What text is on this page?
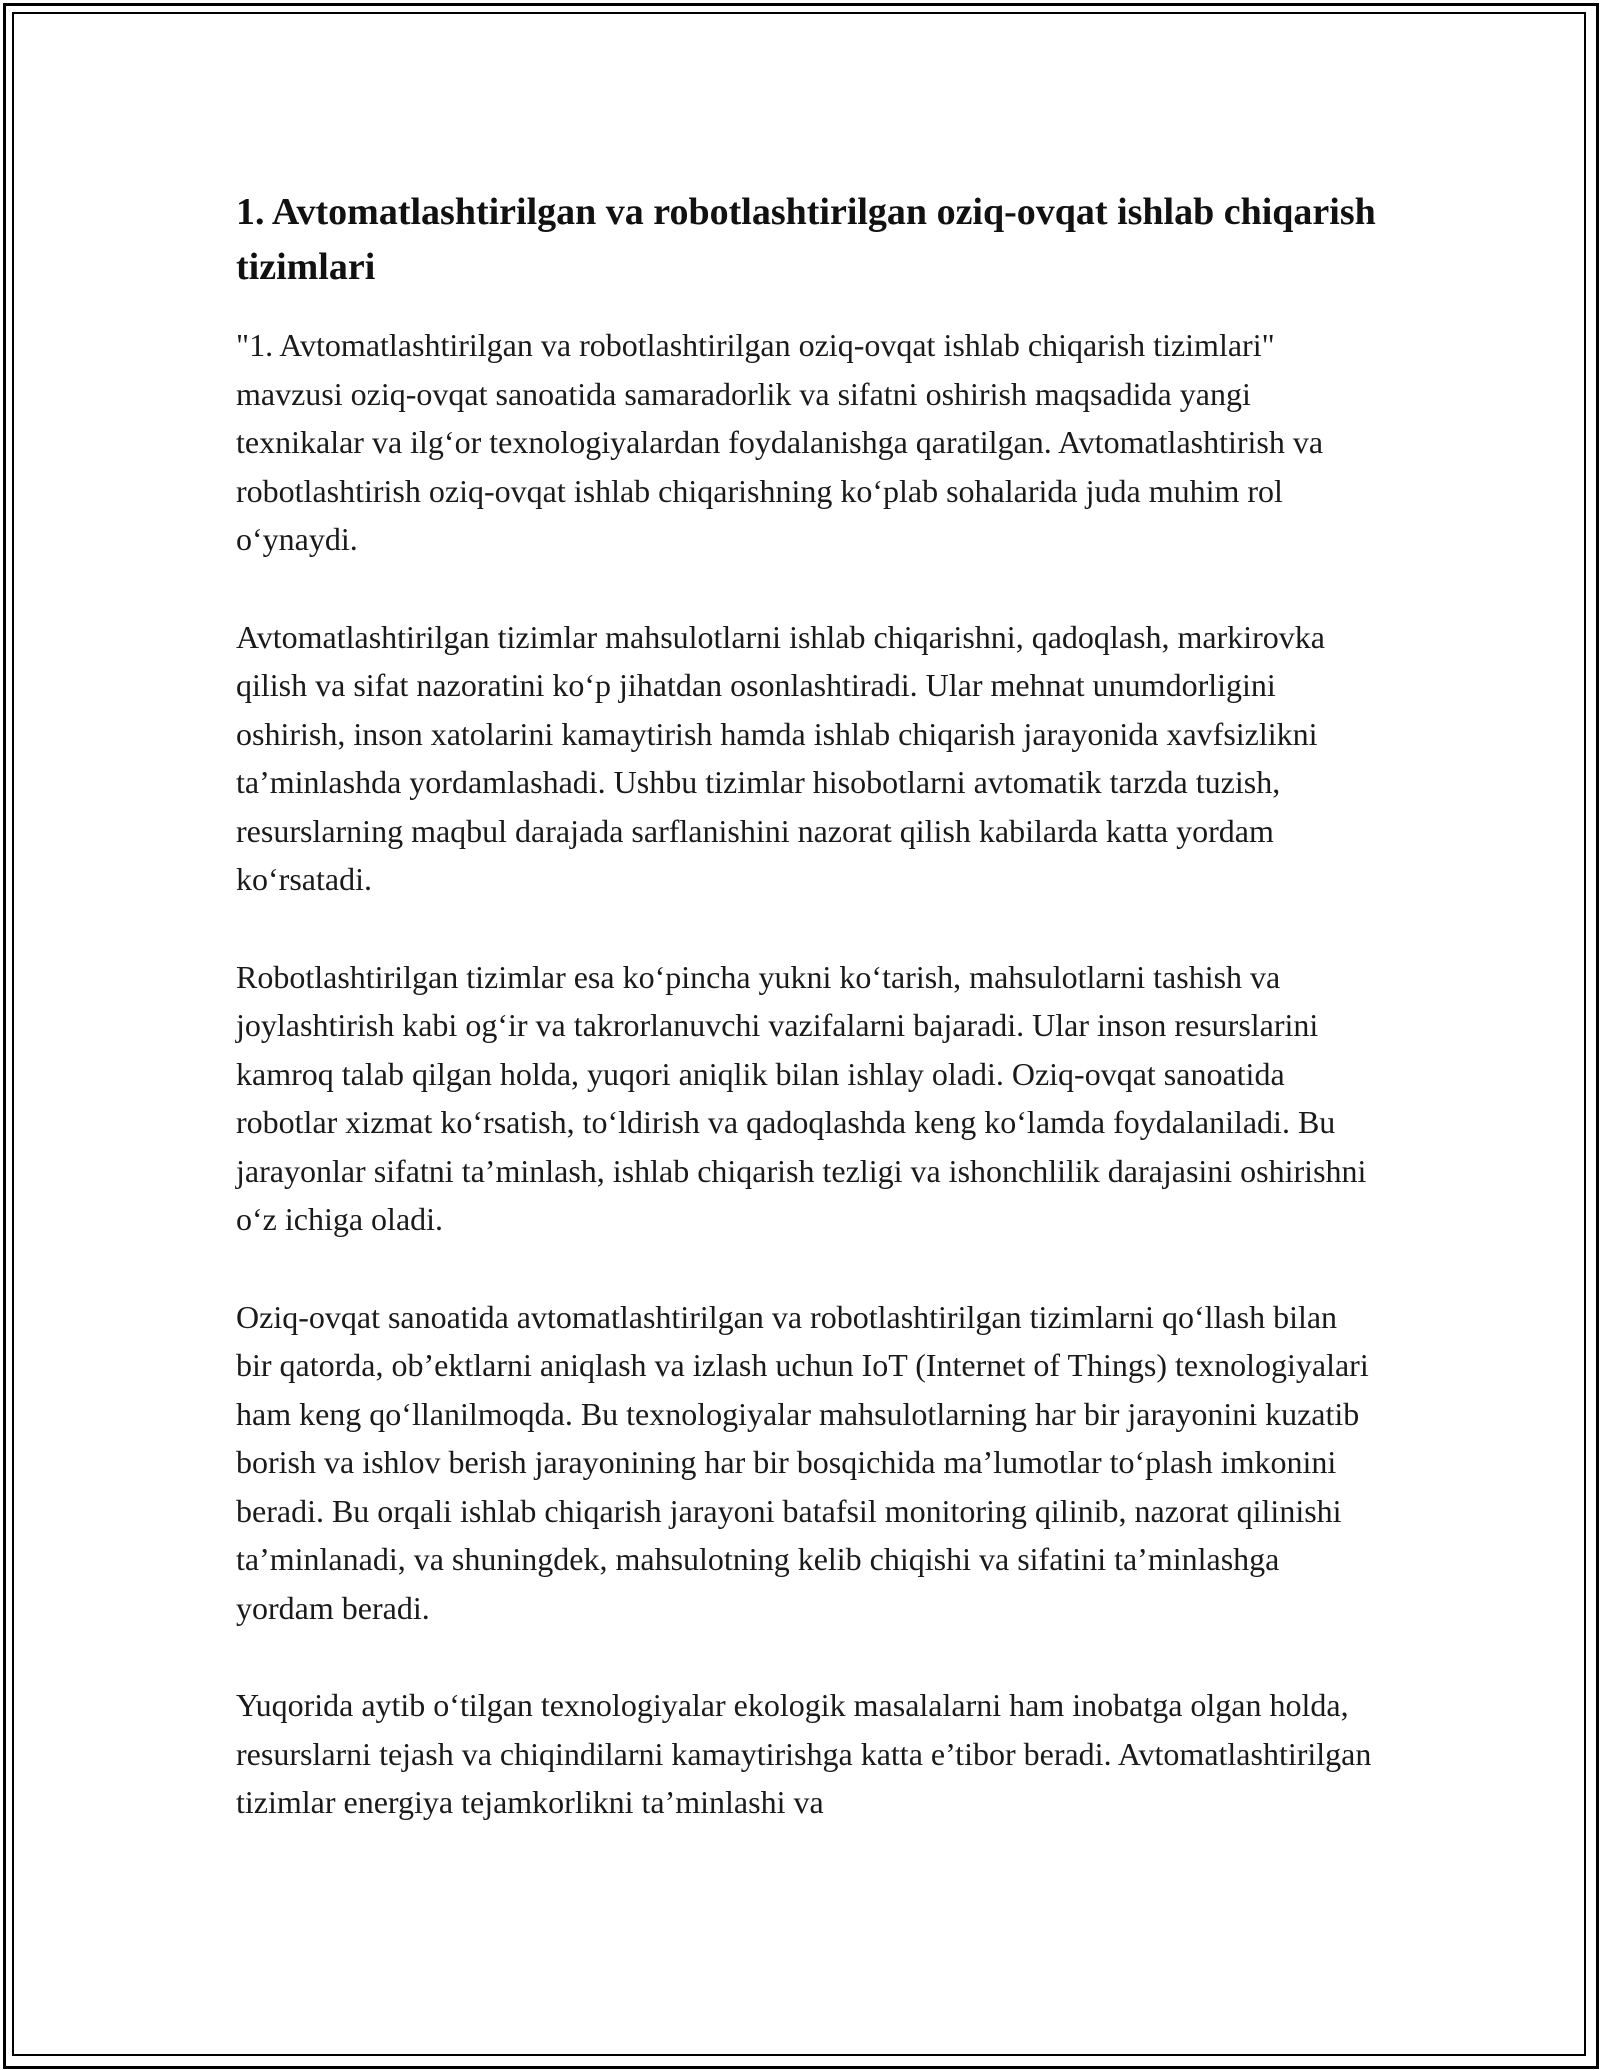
1. Avtomatlashtirilgan va robotlashtirilgan oziq-ovqat ishlab chiqarish tizimlari

"1. Avtomatlashtirilgan va robotlashtirilgan oziq-ovqat ishlab chiqarish tizimlari" mavzusi oziq-ovqat sanoatida samaradorlik va sifatni oshirish maqsadida yangi texnikalar va ilg‘or texnologiyalardan foydalanishga qaratilgan. Avtomatlashtirish va robotlashtirish oziq-ovqat ishlab chiqarishning ko‘plab sohalarida juda muhim rol o‘ynaydi.

Avtomatlashtirilgan tizimlar mahsulotlarni ishlab chiqarishni, qadoqlash, markirovka qilish va sifat nazoratini ko‘p jihatdan osonlashtiradi. Ular mehnat unumdorligini oshirish, inson xatolarini kamaytirish hamda ishlab chiqarish jarayonida xavfsizlikni ta’minlashda yordamlashadi. Ushbu tizimlar hisobotlarni avtomatik tarzda tuzish, resurslarning maqbul darajada sarflanishini nazorat qilish kabilarda katta yordam ko‘rsatadi.

Robotlashtirilgan tizimlar esa ko‘pincha yukni ko‘tarish, mahsulotlarni tashish va joylashtirish kabi og‘ir va takrorlanuvchi vazifalarni bajaradi. Ular inson resurslarini kamroq talab qilgan holda, yuqori aniqlik bilan ishlay oladi. Oziq-ovqat sanoatida robotlar xizmat ko‘rsatish, to‘ldirish va qadoqlashda keng ko‘lamda foydalaniladi. Bu jarayonlar sifatni ta’minlash, ishlab chiqarish tezligi va ishonchlilik darajasini oshirishni o‘z ichiga oladi.

Oziq-ovqat sanoatida avtomatlashtirilgan va robotlashtirilgan tizimlarni qo‘llash bilan bir qatorda, ob’ektlarni aniqlash va izlash uchun IoT (Internet of Things) texnologiyalari ham keng qo‘llanilmoqda. Bu texnologiyalar mahsulotlarning har bir jarayonini kuzatib borish va ishlov berish jarayonining har bir bosqichida ma’lumotlar to‘plash imkonini beradi. Bu orqali ishlab chiqarish jarayoni batafsil monitoring qilinib, nazorat qilinishi ta’minlanadi, va shuningdek, mahsulotning kelib chiqishi va sifatini ta’minlashga yordam beradi.

Yuqorida aytib o‘tilgan texnologiyalar ekologik masalalarni ham inobatga olgan holda, resurslarni tejash va chiqindilarni kamaytirishga katta e’tibor beradi. Avtomatlashtirilgan tizimlar energiya tejamkorlikni ta’minlashi va
